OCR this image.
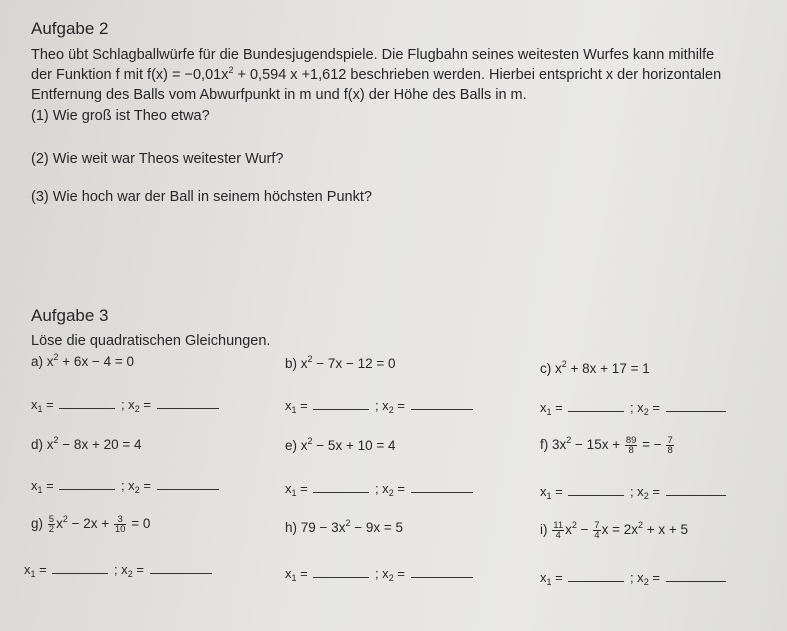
Aufgabe 2
Theo übt Schlagballwürfe für die Bundesjugendspiele. Die Flugbahn seines weitesten Wurfes kann mithilfe
der Funktion f mit $f(x) = -0,01x^2 + 0,594$ x +1,612 beschrieben werden. Hierbei entspricht x der horizontalen
Entfernung des Balls vom Abwurfpunkt in m und f(x) der Höhe des Balls in m.
(1) Wie groß ist Theo etwa?
(2) Wie weit war Theos weitester Wurf?
(3) Wie hoch war der Ball in seinem höchsten Punkt?
Aufgabe 3
Löse die quadratischen Gleichungen.
a) $x^2 + 6x - 4 = 0$	b) $x^2 - 7x - 12 = 0$	c) $x^2 + 8x + 17 = 1$
$x_1$ =	; $x_2$ =	$x_1$ =	; $x_2$ =	$x_1$ =	; $x_2$ =
d) $x^2 - 8x + 20 = 4$	e) $x^2 - 5x + 10 = 4$	f) $3x^2 - 15x + \frac{89}{8}$ = − $\frac{7}{8}$
$x_1$ =	; $x_2$ =	$x_1$ =	; $x_2$ =	$x_1$ =	; $x_2$ =
$g) \frac{5}{2} x^2 - 2x + \frac{3}{10} = 0$	h) $79 - 3x^2 - 9x = 5$	$i) \frac{11}{4} x^2 - \frac{7}{4}$ $x = 2x^2 + x + 5$
$x_1$ =	; $x_2$ =	$x_1$ =	; $x_2$ =	$x_1$ =	; $x_2$ =
